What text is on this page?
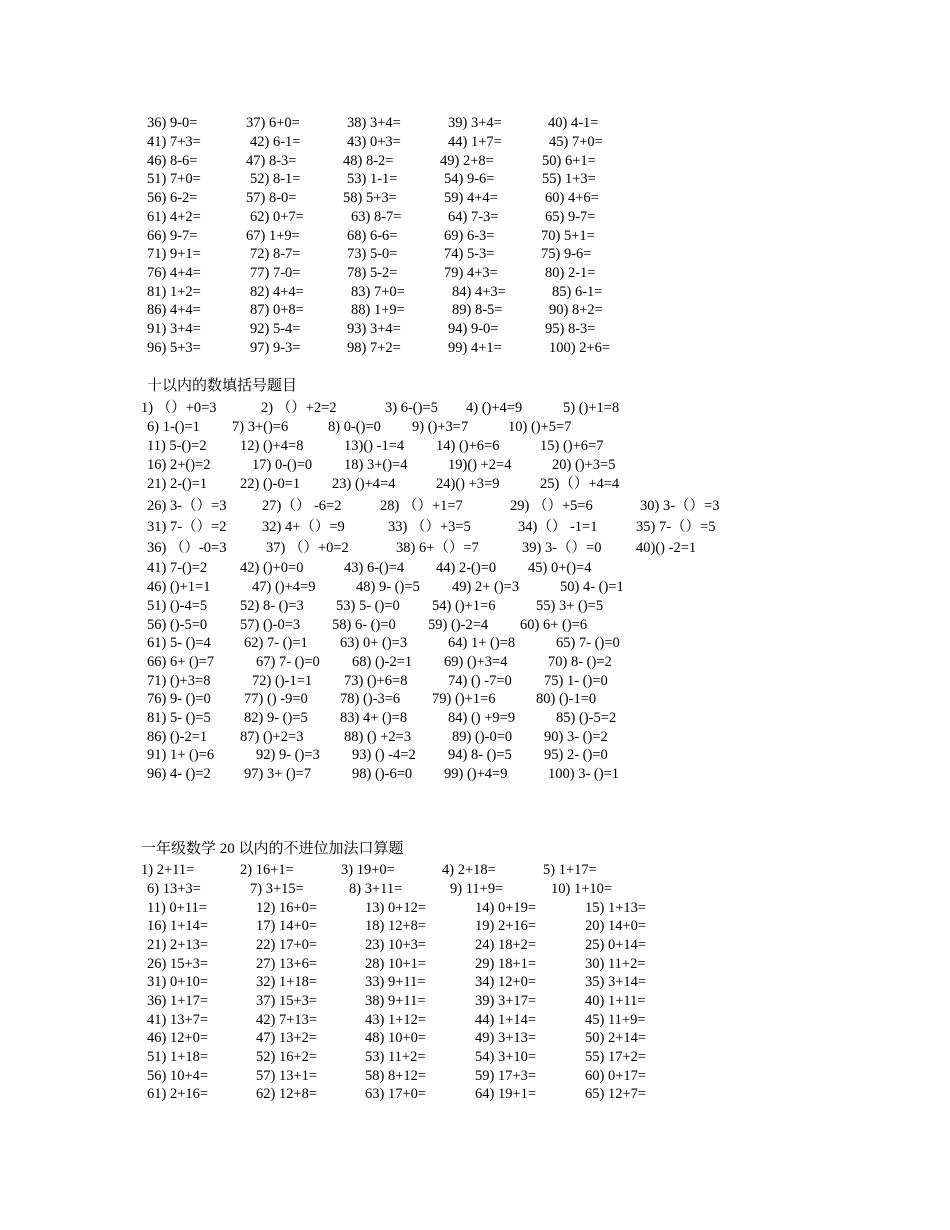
36) 9-0=	37) 6+0=	38) 3+4=	39) 3+4=	40) 4-1=
41) 7+3=	42) 6-1=	43) 0+3=	44) 1+7=	45) 7+0=
46) 8-6=	47) 8-3=	48) 8-2=	49) 2+8=	50) 6+1=
51) 7+0=	52) 8-1=	53) 1-1=	54) 9-6=	55) 1+3=
56) 6-2=	57) 8-0=	58) 5+3=	59) 4+4=	60) 4+6=
61) 4+2=	62) 0+7=	63) 8-7=	64) 7-3=	65) 9-7=
66) 9-7=	67) 1+9=	68) 6-6=	69) 6-3=	70) 5+1=
71) 9+1=	72) 8-7=	73) 5-0=	74) 5-3=	75) 9-6=
76) 4+4=	77) 7-0=	78) 5-2=	79) 4+3=	80) 2-1=
81) 1+2=	82) 4+4=	83) 7+0=	84) 4+3=	85) 6-1=
86) 4+4=	87) 0+8=	88) 1+9=	89) 8-5=	90) 8+2=
91) 3+4=	92) 5-4=	93) 3+4=	94) 9-0=	95) 8-3=
96) 5+3=	97) 9-3=	98) 7+2=	99) 4+1=	100) 2+6=
十以内的数填括号题目
1) （）+0=3	2) （）+2=2	3) 6-()=5 4) ()+4=9	5) ()+1=8
6) 1-()=1 7) 3+()=6	8) 0-()=0 9) ()+3=7	10) ()+5=7
11) 5-()=2 12) ()+4=8	13)() -1=4 14) ()+6=6	15) ()+6=7
16) 2+()=2	17) 0-()=0 18) 3+()=4	19)() +2=4	20) ()+3=5
21) 2-()=1 22) ()-0=1 23) ()+4=4	24)() +3=9	25)（）+4=4
26) 3-（）=3 27)（） -6=2	28) （）+1=7	29) （）+5=6	30) 3-（）=3
31) 7-（）=2 32) 4+（）=9	33) （）+3=5	34)（） -1=1	35) 7-（）=5
36) （）-0=3	37) （）+0=2	38) 6+（）=7	39) 3-（）=0 40)() -2=1
41) 7-()=2 42) ()+0=0	43) 6-()=4 44) 2-()=0 45) 0+()=4
46) ()+1=1	47) ()+4=9	48) 9- ()=5 49) 2+ ()=3	50) 4- ()=1
51) ()-4=5 52) 8- ()=3 53) 5- ()=0 54) ()+1=6	55) 3+ ()=5
56) ()-5=0 57) ()-0=3 58) 6- ()=0 59) ()-2=4 60) 6+ ()=6
61) 5- ()=4 62) 7- ()=1 63) 0+ ()=3	64) 1+ ()=8	65) 7- ()=0
66) 6+ ()=7	67) 7- ()=0 68) ()-2=1 69) ()+3=4	70) 8- ()=2
71) ()+3=8	72) ()-1=1 73) ()+6=8	74) () -7=0 75) 1- ()=0
76) 9- ()=0 77) () -9=0 78) ()-3=6 79) ()+1=6	80) ()-1=0
81) 5- ()=5 82) 9- ()=5 83) 4+ ()=8	84) () +9=9	85) ()-5=2
86) ()-2=1 87) ()+2=3	88) () +2=3	89) ()-0=0 90) 3- ()=2
91) 1+ ()=6	92) 9- ()=3 93) () -4=2 94) 8- ()=5 95) 2- ()=0
96) 4- ()=2 97) 3+ ()=7	98) ()-6=0 99) ()+4=9	100) 3- ()=1
一年级数学 20 以内的不进位加法口算题
1) 2+11=	2) 16+1=	3) 19+0=	4) 2+18=	5) 1+17=
6) 13+3=	7) 3+15=	8) 3+11=	9) 11+9=	10) 1+10=
11) 0+11=	12) 16+0=	13) 0+12=	14) 0+19=	15) 1+13=
16) 1+14=	17) 14+0=	18) 12+8=	19) 2+16=	20) 14+0=
21) 2+13=	22) 17+0=	23) 10+3=	24) 18+2=	25) 0+14=
26) 15+3=	27) 13+6=	28) 10+1=	29) 18+1=	30) 11+2=
31) 0+10=	32) 1+18=	33) 9+11=	34) 12+0=	35) 3+14=
36) 1+17=	37) 15+3=	38) 9+11=	39) 3+17=	40) 1+11=
41) 13+7=	42) 7+13=	43) 1+12=	44) 1+14=	45) 11+9=
46) 12+0=	47) 13+2=	48) 10+0=	49) 3+13=	50) 2+14=
51) 1+18=	52) 16+2=	53) 11+2=	54) 3+10=	55) 17+2=
56) 10+4=	57) 13+1=	58) 8+12=	59) 17+3=	60) 0+17=
61) 2+16=	62) 12+8=	63) 17+0=	64) 19+1=	65) 12+7=
